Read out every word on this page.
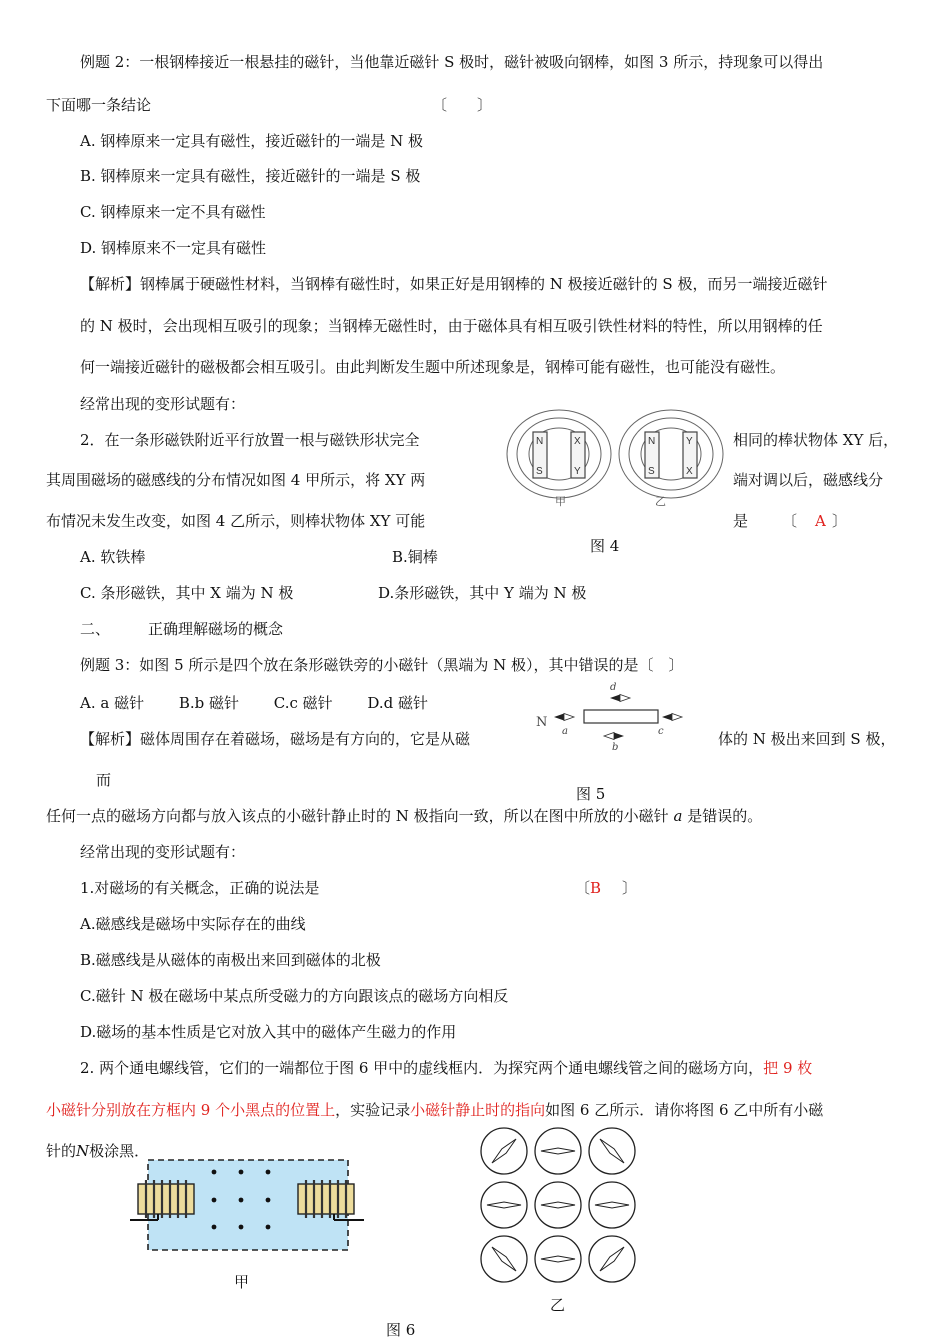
例题 2：一根钢棒接近一根悬挂的磁针，当他靠近磁针 S 极时，磁针被吸向钢棒，如图 3 所示，持现象可以得出
下面哪一条结论	〔　　〕
A. 钢棒原来一定具有磁性，接近磁针的一端是 N 极
B. 钢棒原来一定具有磁性，接近磁针的一端是 S 极
C. 钢棒原来一定不具有磁性
D. 钢棒原来不一定具有磁性
【解析】钢棒属于硬磁性材料，当钢棒有磁性时，如果正好是用钢棒的 N 极接近磁针的 S 极，而另一端接近磁针
的 N 极时，会出现相互吸引的现象；当钢棒无磁性时，由于磁体具有相互吸引铁性材料的特性，所以用钢棒的任
何一端接近磁针的磁极都会相互吸引。由此判断发生题中所述现象是，钢棒可能有磁性，也可能没有磁性。
经常出现的变形试题有：
2．在一条形磁铁附近平行放置一根与磁铁形状完全	相同的棒状物体 XY 后，
其周围磁场的磁感线的分布情况如图 4 甲所示，将 XY 两	端对调以后，磁感线分
布情况未发生改变，如图 4 乙所示，则棒状物体 XY 可能	是 〔 A 〕
N	X
S	Y
N	Y
S	X
甲	乙
图 4
A. 软铁棒	B.铜棒
C. 条形磁铁，其中 X 端为 N 极	D.条形磁铁，其中 Y 端为 N 极
二、	正确理解磁场的概念
例题 3：如图 5 所示是四个放在条形磁铁旁的小磁针（黑端为 N 极），其中错误的是〔　〕
A. a 磁针　　 B.b 磁针　　 C.c 磁针　　 D.d 磁针
【解析】磁体周围存在着磁场，磁场是有方向的，它是从磁	体的 N 极出来回到 S 极，
而
N
a
b
c
d
图 5
任何一点的磁场方向都与放入该点的小磁针静止时的 N 极指向一致，所以在图中所放的小磁针 a 是错误的。
经常出现的变形试题有：
1.对磁场的有关概念，正确的说法是	〔 B 〕
A.磁感线是磁场中实际存在的曲线
B.磁感线是从磁体的南极出来回到磁体的北极
C.磁针 N 极在磁场中某点所受磁力的方向跟该点的磁场方向相反
D.磁场的基本性质是它对放入其中的磁体产生磁力的作用
2. 两个通电螺线管，它们的一端都位于图 6 甲中的虚线框内．为探究两个通电螺线管之间的磁场方向，把 9 枚
小磁针分别放在方框内 9 个小黑点的位置上，实验记录小磁针静止时的指向如图 6 乙所示．请你将图 6 乙中所有小磁
针的N极涂黑．
甲
乙
图 6
